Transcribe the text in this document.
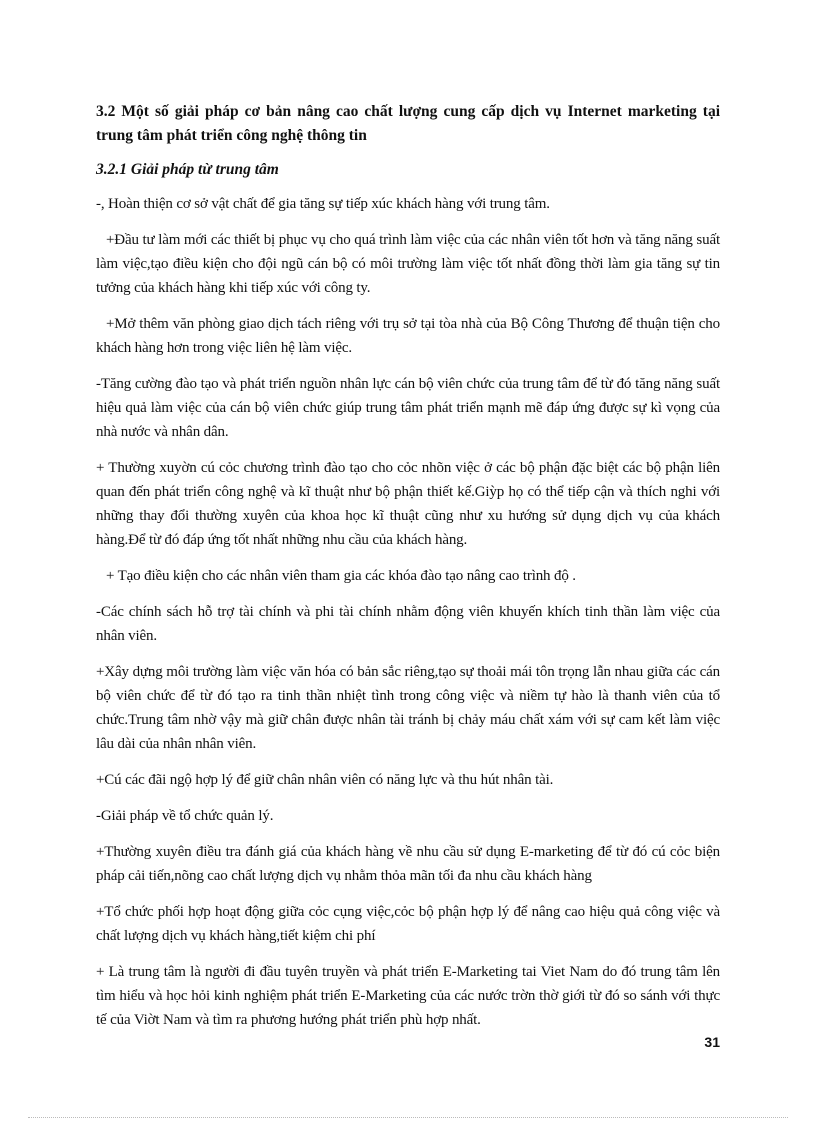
3.2 Một số giải pháp cơ bản nâng cao chất lượng cung cấp dịch vụ Internet marketing tại trung tâm phát triển công nghệ thông tin
3.2.1 Giải pháp từ trung tâm

-, Hoàn thiện cơ sở vật chất để gia tăng sự tiếp xúc khách hàng với trung tâm.

+Đầu tư làm mới các thiết bị phục vụ cho quá trình làm việc của các nhân viên tốt hơn và tăng năng suất làm việc,tạo điều kiện cho đội ngũ cán bộ có môi trường làm việc tốt nhất đồng thời làm gia tăng sự tin tưởng của khách hàng khi tiếp xúc với công ty.

+Mở thêm văn phòng giao dịch tách riêng với trụ sở tại tòa nhà của Bộ Công Thương để thuận tiện cho khách hàng hơn trong việc liên hệ làm việc.

-Tăng cường đào tạo và phát triển nguồn nhân lực cán bộ viên chức của trung tâm để từ đó tăng năng suất hiệu quả làm việc của cán bộ viên chức giúp trung tâm phát triển mạnh mẽ đáp ứng được sự kì vọng của nhà nước và nhân dân.

+ Thường xuyờn cú cỏc chương trình đào tạo cho cỏc nhõn việc ở các bộ phận đặc biệt các bộ phận liên quan đến phát triển công nghệ và kĩ thuật như bộ phận thiết kế.Giỳp họ có thể tiếp cận và thích nghi với những thay đổi thường xuyên của khoa học kĩ thuật cũng như xu hướng sử dụng dịch vụ của khách hàng.Để từ đó đáp ứng tốt nhất những nhu cầu của khách hàng.

+ Tạo điều kiện cho các nhân viên tham gia các khóa đào tạo nâng cao trình độ .

-Các chính sách hỗ trợ tài chính và phi tài chính nhằm động viên khuyến khích tinh thần làm việc của nhân viên.

+Xây dựng môi trường làm việc văn hóa có bản sắc riêng,tạo sự thoải mái tôn trọng lẫn nhau giữa các cán bộ viên chức để từ đó tạo ra tinh thần nhiệt tình trong công việc và niềm tự hào là thanh viên của tổ chức.Trung tâm nhờ vậy mà giữ chân được nhân tài tránh bị chảy máu chất xám với sự cam kết làm việc lâu dài của nhân nhân viên.

+Cú các đãi ngộ hợp lý để giữ chân nhân viên có năng lực và thu hút nhân tài.

-Giải pháp về tổ chức quản lý.

+Thường xuyên điều tra đánh giá của khách hàng về nhu cầu sử dụng E-marketing để từ đó cú cỏc biện pháp cải tiến,nõng cao chất lượng dịch vụ nhằm thỏa mãn tối đa nhu cầu khách hàng

+Tổ chức phối hợp hoạt động giữa cỏc cụng việc,cỏc bộ phận hợp lý để nâng cao hiệu quả công việc và chất lượng dịch vụ khách hàng,tiết kiệm chi phí

+ Là trung tâm là người đi đầu tuyên truyền và phát triển E-Marketing tai Viet Nam do đó trung tâm lên tìm hiểu và học hỏi kinh nghiệm phát triển E-Marketing của các nước trờn thờ giới từ đó so sánh với thực tế của Viờt Nam và tìm ra phương hướng phát triển phù hợp nhất.

31
